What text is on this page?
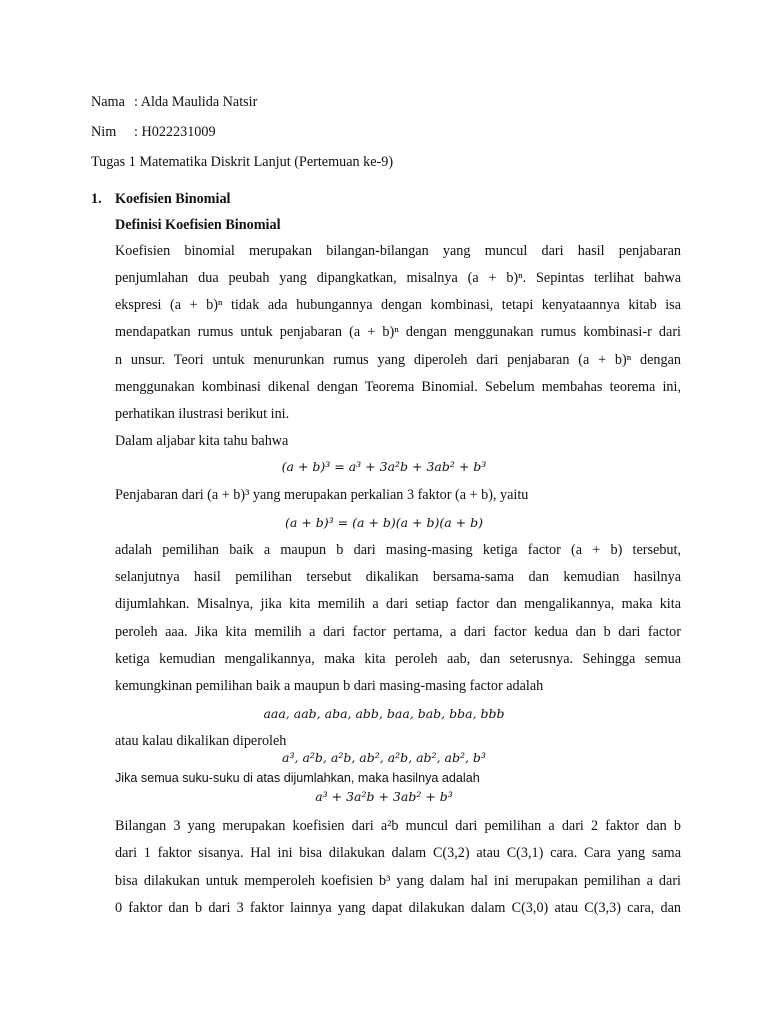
Nama : Alda Maulida Natsir
Nim : H022231009
Tugas 1 Matematika Diskrit Lanjut (Pertemuan ke-9)
1. Koefisien Binomial
Definisi Koefisien Binomial
Koefisien binomial merupakan bilangan-bilangan yang muncul dari hasil penjabaran
penjumlahan dua peubah yang dipangkatkan, misalnya (a + b)ⁿ. Sepintas terlihat bahwa
ekspresi (a + b)ⁿ tidak ada hubungannya dengan kombinasi, tetapi kenyataannya kitab isa
mendapatkan rumus untuk penjabaran (a + b)ⁿ dengan menggunakan rumus kombinasi-r dari
n unsur. Teori untuk menurunkan rumus yang diperoleh dari penjabaran (a + b)ⁿ dengan
menggunakan kombinasi dikenal dengan Teorema Binomial. Sebelum membahas teorema ini,
perhatikan ilustrasi berikut ini.
Dalam aljabar kita tahu bahwa
(a + b)³ = a³ + 3a²b + 3ab² + b³
Penjabaran dari (a + b)³ yang merupakan perkalian 3 faktor (a + b), yaitu
(a + b)³ = (a + b)(a + b)(a + b)
adalah pemilihan baik a maupun b dari masing-masing ketiga factor (a + b) tersebut,
selanjutnya hasil pemilihan tersebut dikalikan bersama-sama dan kemudian hasilnya
dijumlahkan. Misalnya, jika kita memilih a dari setiap factor dan mengalikannya, maka kita
peroleh aaa. Jika kita memilih a dari factor pertama, a dari factor kedua dan b dari factor
ketiga kemudian mengalikannya, maka kita peroleh aab, dan seterusnya. Sehingga semua
kemungkinan pemilihan baik a maupun b dari masing-masing factor adalah
aaa, aab, aba, abb, baa, bab, bba, bbb
atau kalau dikalikan diperoleh
a³, a²b, a²b, ab², a²b, ab², ab², b³
Jika semua suku-suku di atas dijumlahkan, maka hasilnya adalah
a³ + 3a²b + 3ab² + b³
Bilangan 3 yang merupakan koefisien dari a²b muncul dari pemilihan a dari 2 faktor dan b
dari 1 faktor sisanya. Hal ini bisa dilakukan dalam C(3,2) atau C(3,1) cara. Cara yang sama
bisa dilakukan untuk memperoleh koefisien b³ yang dalam hal ini merupakan pemilihan a dari
0 faktor dan b dari 3 faktor lainnya yang dapat dilakukan dalam C(3,0) atau C(3,3) cara, dan
